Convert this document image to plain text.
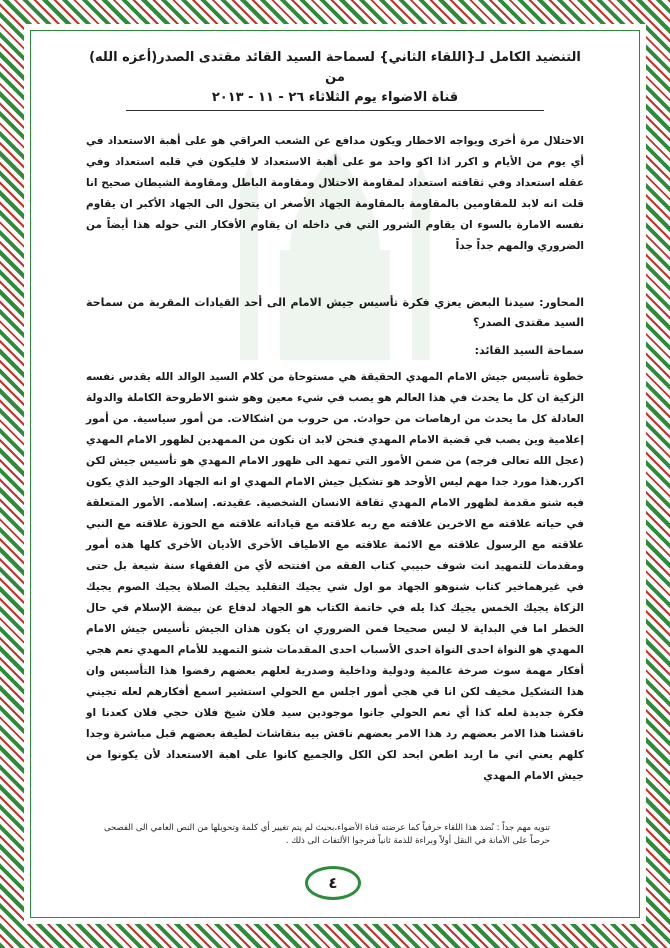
التنضيد الكامل لـ{اللقاء الثاني} لسماحة السيد القائد مقتدى الصدر(أعزه الله) من
قناة الاضواء يوم الثلاثاء ٢٦ - ١١ - ٢٠١٣

الاحتلال مرة أخرى ويواجه الاخطار ويكون مدافع عن الشعب العراقي هو على أهبة الاستعداد في أي يوم من الأيام و اكرر اذا اكو واحد مو على أهبة الاستعداد لا فليكون في قلبه استعداد وفي عقله استعداد وفي ثقافته استعداد لمقاومة الاحتلال ومقاومة الباطل ومقاومة الشيطان صحيح انا قلت انه لابد للمقاومين بالمقاومة بالمقاومة الجهاد الأصغر ان يتحول الى الجهاد الأكبر ان يقاوم نفسه الامارة بالسوء ان يقاوم الشرور التي في داخله ان يقاوم الأفكار التي حوله هذا أيضاً من الضروري والمهم جداً جداً

المحاور: سيدنا البعض يعزي فكرة تأسيس جيش الامام الى أحد القيادات المقربة من سماحة السيد مقتدى الصدر؟

سماحة السيد القائد:

خطوة تأسيس جيش الامام المهدي الحقيقة هي مستوحاة من كلام السيد الوالد الله يقدس نفسه الزكية ان كل ما يحدث في هذا العالم هو يصب في شيء معين وهو شنو الاطروحة الكاملة والدولة العادلة كل ما يحدث من ارهاصات من حوادث. من حروب من اشكالات. من أمور سياسية. من أمور إعلامية وين يصب في قضية الامام المهدي فنحن لابد ان نكون من الممهدين لظهور الامام المهدي (عجل الله تعالى فرجه) من ضمن الأمور التي تمهد الى ظهور الامام المهدي هو تأسيس جيش لكن اكرر.هذا مورد جدا مهم ليس الأوحد هو تشكيل جيش الامام المهدي او انه الجهاد الوحيد الذي يكون فيه شنو مقدمة لظهور الامام المهدي ثقافة الانسان الشخصية. عقيدته. إسلامه. الأمور المتعلقة في حياته علاقته مع الاخرين علاقته مع ربه علاقته مع قياداته علاقته مع الحوزة علاقته مع النبي علاقته مع الرسول علاقته مع الائمة علاقته مع الاطياف الأخرى الأديان الأخرى كلها هذه أمور ومقدمات للتمهيد انت شوف حبيبي كتاب الفقه من افتتحه لأي من الفقهاء سنة شيعة بل حتى في غيرهماخير كتاب شنوهو الجهاد مو اول شي يجيك التقليد يجيك الصلاة يجيك الصوم يجيك الزكاة يجيك الخمس يجيك كذا يله في خاتمة الكتاب هو الجهاد لدفاع عن بيضة الإسلام في حال الخطر اما في البداية لا ليس صحيحا فمن الضروري ان يكون هذان الجيش تأسيس جيش الامام المهدي هو النواة احدى النواة احدى الأسباب احدى المقدمات شنو التمهيد للأمام المهدي نعم هجي أفكار مهمة سوت صرخة عالمية ودولية وداخلية وصدرية لعلهم بعضهم رفضوا هذا التأسيس وان هذا التشكيل مخيف لكن انا في هجي أمور اجلس مع الحولي استشير اسمع أفكارهم لعله تجيني فكرة جديدة لعله كذا أي نعم الحولي جانوا موجودين سيد فلان شيخ فلان حجي فلان كعدنا او ناقشنا هذا الامر بعضهم رد هذا الامر بعضهم ناقش بيه بنقاشات لطيفة بعضهم قبل مباشرة وجدا كلهم يعني اني ما اريد اطعن ابحد لكن الكل والجميع كانوا على اهبة الاستعداد لأن يكونوا من جيش الامام المهدي

تنويه مهم جداً : نُضد هذا اللقاء حرفياً كما عرضته قناة الأضواء،بحيث لم يتم تغيير أي كلمة وتحويلها من النص العامي الى الفصحى حرصاً على الأمانة في النقل أولاً وبراءة للذمة ثانياً فنرجوا الألتفات الى ذلك .
٤
